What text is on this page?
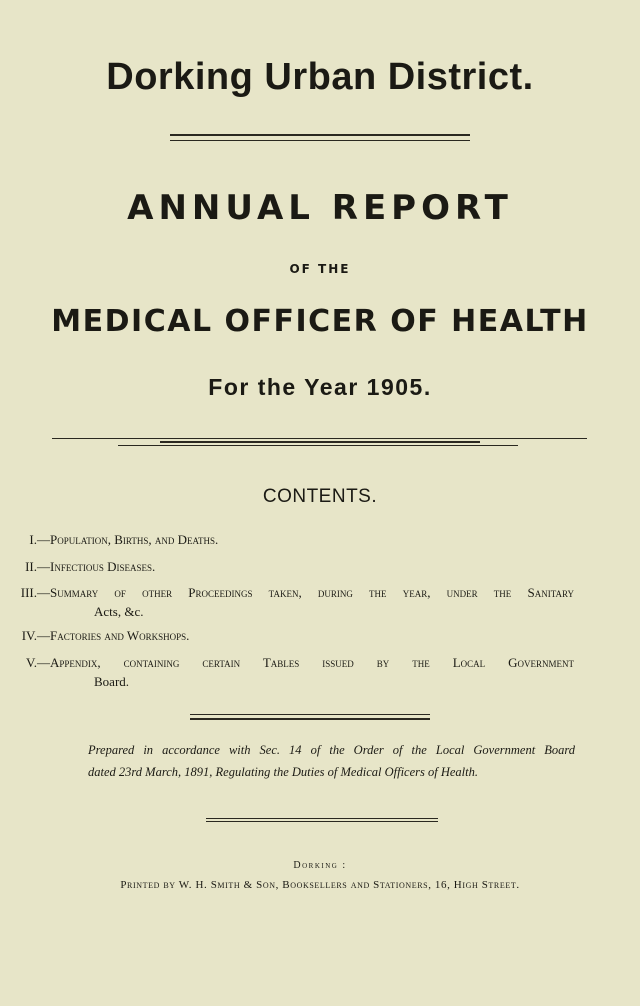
Dorking Urban District.
ANNUAL REPORT
OF THE
MEDICAL OFFICER OF HEALTH
For the Year 1905.
CONTENTS.
I.— Population, Births, and Deaths.
II.— Infectious Diseases.
III.— Summary of other Proceedings taken, during the year, under the Sanitary
Acts, &c.
IV.— Factories and Workshops.
V.— Appendix, containing certain Tables issued by the Local Government
Board.
Prepared in accordance with Sec. 14 of the Order of the Local Government Board
dated 23rd March, 1891, Regulating the Duties of Medical Officers of Health.
Dorking :
Printed by W. H. Smith & Son, Booksellers and Stationers, 16, High Street.
